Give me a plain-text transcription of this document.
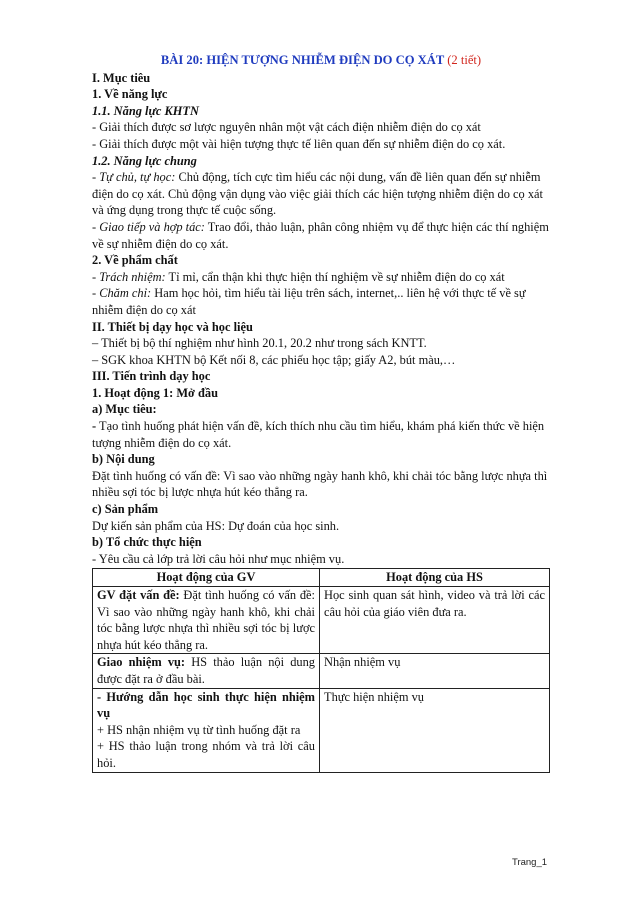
BÀI 20: HIỆN TƯỢNG NHIỄM ĐIỆN DO CỌ XÁT (2 tiết)

I. Mục tiêu

1. Về năng lực

1.1. Năng lực KHTN

- Giải thích được sơ lược nguyên nhân một vật cách điện nhiễm điện do cọ xát

- Giải thích được một vài hiện tượng thực tế liên quan đến sự nhiễm điện do cọ xát.

1.2. Năng lực chung

- Tự chủ, tự học: Chủ động, tích cực tìm hiểu các nội dung, vấn đề liên quan đến sự nhiễm điện do cọ xát. Chủ động vận dụng vào việc giải thích các hiện tượng nhiễm điện do cọ xát và ứng dụng trong thực tế cuộc sống.

- Giao tiếp và hợp tác: Trao đổi, thảo luận, phân công nhiệm vụ để thực hiện các thí nghiệm về sự nhiễm điện do cọ xát.

2. Về phẩm chất

- Trách nhiệm: Tỉ mỉ, cẩn thận khi thực hiện thí nghiệm về sự nhiễm điện do cọ xát

- Chăm chỉ: Ham học hỏi, tìm hiểu tài liệu trên sách, internet,.. liên hệ với thực tế về sự nhiễm điện do cọ xát

II. Thiết bị dạy học và học liệu

– Thiết bị bộ thí nghiệm như hình 20.1, 20.2 như trong sách KNTT.

– SGK khoa KHTN bộ Kết nối 8, các phiếu học tập; giấy A2, bút màu,…

III. Tiến trình dạy học

1. Hoạt động 1: Mở đầu

a) Mục tiêu:

- Tạo tình huống phát hiện vấn đề, kích thích nhu cầu tìm hiểu, khám phá kiến thức về hiện tượng nhiễm điện do cọ xát.

b) Nội dung

Đặt tình huống có vấn đề: Vì sao vào những ngày hanh khô, khi chải tóc bằng lược nhựa thì nhiều sợi tóc bị lược nhựa hút kéo thẳng ra.

c) Sản phẩm

Dự kiến sản phẩm của HS: Dự đoán của học sinh.

b) Tổ chức thực hiện

- Yêu cầu cả lớp trả lời câu hỏi như mục nhiệm vụ.

Hoạt động của GV	Hoạt động của HS
GV đặt vấn đề: Đặt tình huống có vấn đề: Vì sao vào những ngày hanh khô, khi chải tóc bằng lược nhựa thì nhiều sợi tóc bị lược nhựa hút kéo thẳng ra.	Học sinh quan sát hình, video và trả lời các câu hỏi của giáo viên đưa ra.
Giao nhiệm vụ: HS thảo luận nội dung được đặt ra ở đầu bài.	Nhận nhiệm vụ

- Hướng dẫn học sinh thực hiện nhiệm vụ
+ HS nhận nhiệm vụ từ tình huống đặt ra
+ HS thảo luận trong nhóm và trả lời câu hỏi.	Thực hiện nhiệm vụ
Trang_1
